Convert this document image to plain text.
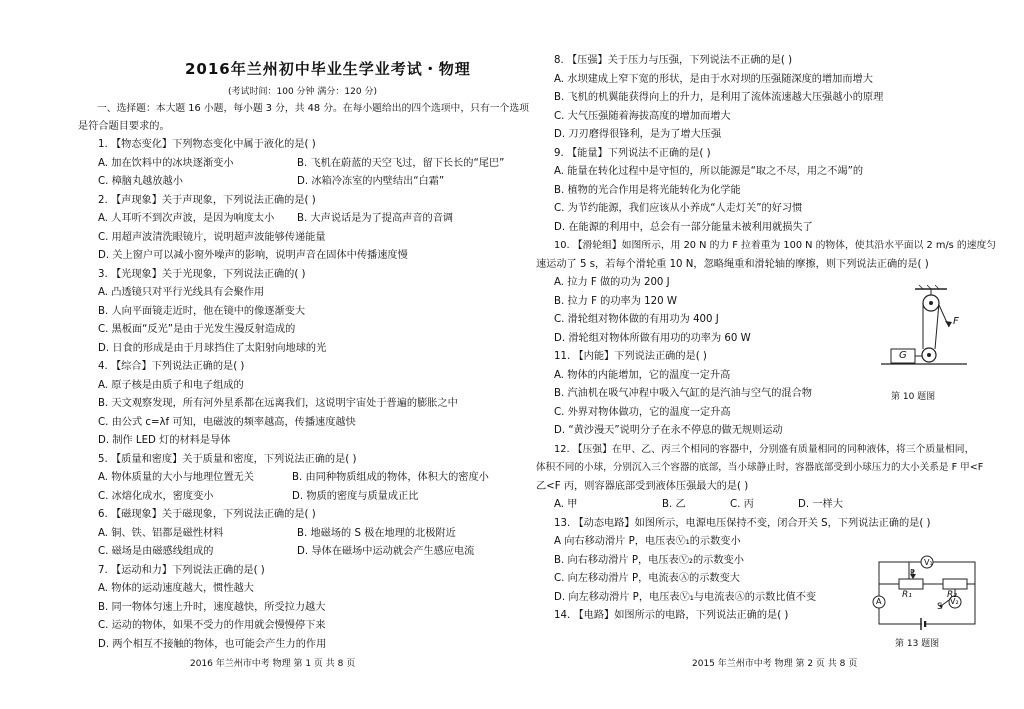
2016年兰州初中毕业生学业考试・物理
(考试时间：100 分钟 满分：120 分)
一、选择题：本大题 16 小题，每小题 3 分，共 48 分。在每小题给出的四个选项中，只有一个选项
是符合题目要求的。
1. 【物态变化】下列物态变化中属于液化的是( )
A. 加在饮料中的冰块逐渐变小	B. 飞机在蔚蓝的天空飞过，留下长长的“尾巴”
C. 樟脑丸越放越小	D. 冰箱冷冻室的内壁结出“白霜”
2. 【声现象】关于声现象，下列说法正确的是( )
A. 人耳听不到次声波，是因为响度太小 B. 大声说话是为了提高声音的音调
C. 用超声波清洗眼镜片，说明超声波能够传递能量
D. 关上窗户可以减小窗外噪声的影响，说明声音在固体中传播速度慢
3. 【光现象】关于光现象，下列说法正确的( )
A. 凸透镜只对平行光线具有会聚作用
B. 人向平面镜走近时，他在镜中的像逐渐变大
C. 黑板面“反光”是由于光发生漫反射造成的
D. 日食的形成是由于月球挡住了太阳射向地球的光
4. 【综合】下列说法正确的是( )
A. 原子核是由质子和电子组成的
B. 天文观察发现，所有河外星系都在远离我们，这说明宇宙处于普遍的膨胀之中
C. 由公式 c=λf 可知，电磁波的频率越高，传播速度越快
D. 制作 LED 灯的材料是导体
5. 【质量和密度】关于质量和密度，下列说法正确的是( )
A. 物体质量的大小与地理位置无关	B. 由同种物质组成的物体，体积大的密度小
C. 冰熔化成水，密度变小	D. 物质的密度与质量成正比
6. 【磁现象】关于磁现象，下列说法正确的是( )
A. 铜、铁、铝都是磁性材料	B. 地磁场的 S 极在地理的北极附近
C. 磁场是由磁感线组成的	D. 导体在磁场中运动就会产生感应电流
7. 【运动和力】下列说法正确的是( )
A. 物体的运动速度越大，惯性越大
B. 同一物体匀速上升时，速度越快，所受拉力越大
C. 运动的物体，如果不受力的作用就会慢慢停下来
D. 两个相互不接触的物体，也可能会产生力的作用
2016 年兰州市中考 物理 第 1 页 共 8 页
8. 【压强】关于压力与压强，下列说法不正确的是( )
A. 水坝建成上窄下宽的形状，是由于水对坝的压强随深度的增加而增大
B. 飞机的机翼能获得向上的升力，是利用了流体流速越大压强越小的原理
C. 大气压强随着海拔高度的增加而增大
D. 刀刃磨得很锋利，是为了增大压强
9. 【能量】下列说法不正确的是( )
A. 能量在转化过程中是守恒的，所以能源是“取之不尽，用之不竭”的
B. 植物的光合作用是将光能转化为化学能
C. 为节约能源，我们应该从小养成“人走灯关”的好习惯
D. 在能源的利用中，总会有一部分能量未被利用就损失了
10. 【滑轮组】如图所示，用 20 N 的力 F 拉着重为 100 N 的物体，使其沿水平面以 2 m/s 的速度匀
速运动了 5 s，若每个滑轮重 10 N，忽略绳重和滑轮轴的摩擦，则下列说法正确的是( )
A. 拉力 F 做的功为 200 J
B. 拉力 F 的功率为 120 W
C. 滑轮组对物体做的有用功为 400 J
D. 滑轮组对物体所做有用功的功率为 60 W
F
G
第 10 题图
11. 【内能】下列说法正确的是( )
A. 物体的内能增加，它的温度一定升高
B. 汽油机在吸气冲程中吸入气缸的是汽油与空气的混合物
C. 外界对物体做功，它的温度一定升高
D. “黄沙漫天”说明分子在永不停息的做无规则运动
12. 【压强】在甲、乙、丙三个相同的容器中，分别盛有质量相同的同种液体，将三个质量相同，
体积不同的小球，分别沉入三个容器的底部，当小球静止时，容器底部受到小球压力的大小关系是 F 甲<F
乙<F 丙，则容器底部受到液体压强最大的是( )
A. 甲	B. 乙	C. 丙	D. 一样大
13. 【动态电路】如图所示，电源电压保持不变，闭合开关 S，下列说法正确的是( )
A 向右移动滑片 P，电压表Ⓥ₁的示数变小
B. 向右移动滑片 P，电压表Ⓥ₂的示数变小
C. 向左移动滑片 P，电流表Ⓐ的示数变大
D. 向左移动滑片 P，电压表Ⓥ₁与电流表Ⓐ的示数比值不变
14. 【电路】如图所示的电路，下列说法正确的是( )
V₁
V₂
A
R₁	R₂
S
P
第 13 题图
2015 年兰州市中考 物理 第 2 页 共 8 页
